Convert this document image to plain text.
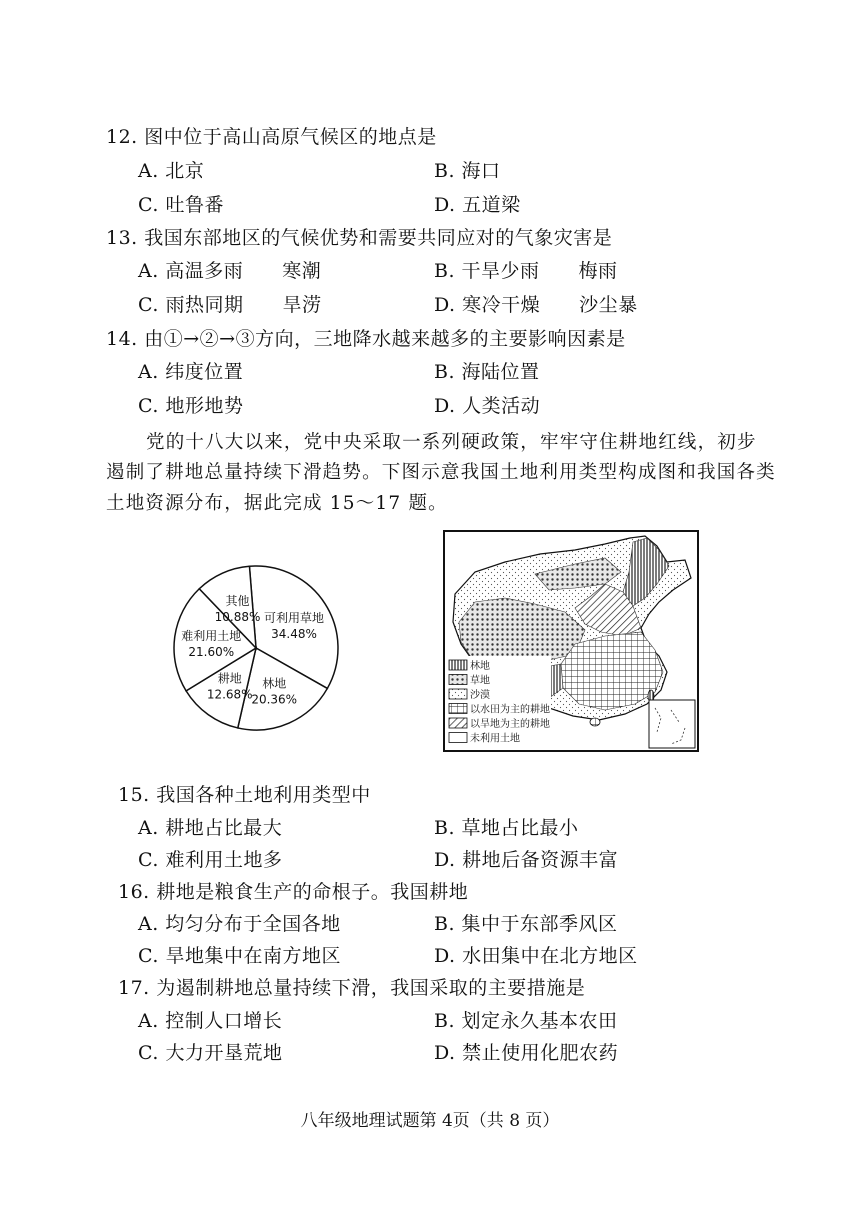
12. 图中位于高山高原气候区的地点是
A. 北京	B. 海口
C. 吐鲁番	D. 五道梁
13. 我国东部地区的气候优势和需要共同应对的气象灾害是
A. 高温多雨　　寒潮	B. 干旱少雨　　梅雨
C. 雨热同期　　旱涝	D. 寒冷干燥　　沙尘暴
14. 由①→②→③方向，三地降水越来越多的主要影响因素是
A. 纬度位置	B. 海陆位置
C. 地形地势	D. 人类活动
党的十八大以来，党中央采取一系列硬政策，牢牢守住耕地红线，初步
遏制了耕地总量持续下滑趋势。下图示意我国土地利用类型构成图和我国各类
土地资源分布，据此完成 15～17 题。
可利用草地
34.48%
林地
20.36%
耕地
12.68%
难利用土地
21.60%
其他
10.88%
林地
草地
沙漠
以水田为主的耕地
以旱地为主的耕地
未利用土地
15. 我国各种土地利用类型中
A. 耕地占比最大	B. 草地占比最小
C. 难利用土地多	D. 耕地后备资源丰富
16. 耕地是粮食生产的命根子。我国耕地
A. 均匀分布于全国各地	B. 集中于东部季风区
C. 旱地集中在南方地区	D. 水田集中在北方地区
17. 为遏制耕地总量持续下滑，我国采取的主要措施是
A. 控制人口增长	B. 划定永久基本农田
C. 大力开垦荒地	D. 禁止使用化肥农药
八年级地理试题第 4页（共 8 页）
